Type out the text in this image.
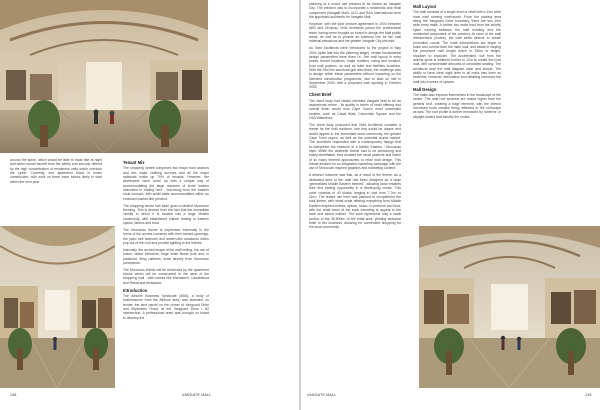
around the spine, which would be able to trade late at night and which would benefit from the safety and security offered by the high concentration of residential units which overlook the spine. Currently, one apartment block is under construction, with work on three more blocks likely to start within the next year.

Tenant Mix

The shopping centre comprises two major food anchors and two major clothing anchors and all the major nationals make up 70% of tenants. However, the developers have come up with a unique way of accommodating the large numbers of loose traders interested in trading here - borrowing from the eastern souk concept, with small stalls accommodated within an enclosed market-like precinct.

The shopping centre has been given a distinct Moroccan theming. This is derived from the fact that the immediate vicinity in which it is located has a large Muslim community, with established culture trading in eastern spices, fabrics and food.

The Moroccan theme is expressed externally in the forms of the arches cochères with their arched openings, the palm tree avenues and lantern-like structures which pop out of the roof and provide lighting to the interior.

Internally, the arched shape of the mall ceiling, the use of colour, lattice elements, large scale flower pots and, in particular, tiling patterns, draw directly from Moroccan precedents.

The Moroccan theme will be reinforced by the apartment blocks which will be constructed to the west of the shopping mall - with names like Marrakech, Casablanca and Rabat and Andalucia.

Introduction

The Athlone Business Syndicate (ABS), a body of businessmen from the Athlone area, was awarded, on tender, the land parcel on the corner of Vanguard Drive and Klipfontein Road, at the Vanguard Drive / N2 intersection. A professional team was brought on board to develop the

148	VANGATE MALL

planning of a mixed use precinct to be known as Vangate City. The precinct was to incorporate a residential and retail component (Vangate Mall). ACG and RAA International were the appointed architects for Vangate Mall.

However, with the joint venture agreement in 2004 between ABS and Zenprop, Vivid Architects joined the professional team, having been brought on board to design the Mall public areas, as well as to provide an advisory role for the mall external elevations and the greater Vangate City precinct.

As Vivid Architects were introduced to the project in May 2004 (quite late into the planning stage), certain fundamental design parameters were fixed i.e., the mall layout in entry points, tenant locations, major retailers' sizing and location, food mall position, as well as toilet and facilities locations. With the 18x10m structural grid also fixed, the challenge was to design within these parameters without impacting on the intended construction programme, due to start on site in September 2004, with a proposed mall opening in October 2005.

Client Brief

The client body had clearly intended Vangate Mall to be an aspirational centre - its quality in terms of retail offering and overall finish would rival Cape Town's most successful centres, such as Canal Walk, Cavendish Square and the V&A Waterfront.

The client body proposed that Vivid Architects consider a theme for the mall surfaces, one that would be unique and would appeal to the immediate local community, the greater Cape Town region, as well as the potential tourist market. The architects responded with a contemporary design that re-interpreted the essence of a Middle Eastern / Moroccan style. While the aesthetic theme had to be welcoming and easily identifiable, they avoided the usual pastiche and kitsch of so many themed approaches to retail mall design. This theme allowed for an integrated marketing campaign with the use of Moroccan inspired graphics and marketing content.

A desired outcome was that, as a result of the theme, as a dedicated area of the mall had been designed as a large 'generalised Middle Eastern themed' - allowing loose retailers their first trading opportunity in a developing centre. This zone consists of 40 kiosks ranging in size from 7.7m² to 11m². The tenant mix here was planned to complement the mall theme, with small scale offering everything from Middle Eastern inspired clothes, spices, music, to perfume and food, with the retail focus of the souk intending to appeal to the local and tourist market. The souk represents only a small portion of the 38,600m² of the retail area, yielding welcome relief to the business, allowing for convenient shopping for the local community.

Mall Layout

The mall consists of a single level of retail with a 10m wide main mall running north/south. From the parking area along the Vanguard Drive boundary, there are two 10m wide entry malls. A further two malls lead from the activity spine running between the mall building and the residential component of the precinct. At each of the mall intersections (nodes), the mall width widens to create promotion courts. The node intersections are larger in scale and volume than the main mall, and assist in varying the perceived mall length which is 250m in length, shoulder to shoulder. The accelerated roof from the activity spine is widened further to 12m to create the food mall, with considerable amounts of concealed seating. The architects kept the mall diagram clear and simple. The ability to have clear sight lines in all malls was seen as essential. However, articulation and detailing introduce the mall into a series of spaces.

Mall Design

The malls also express themselves in the landscape of the centre. The mall roof sections are raised higher than the general roof, creating a ridge element, with the interior increased roofs created being reflected in the roofscape as well. The roof profile is further enhanced by 'lanterns' or skylight towers that identify the nodes.

VANGATE MALL	149
